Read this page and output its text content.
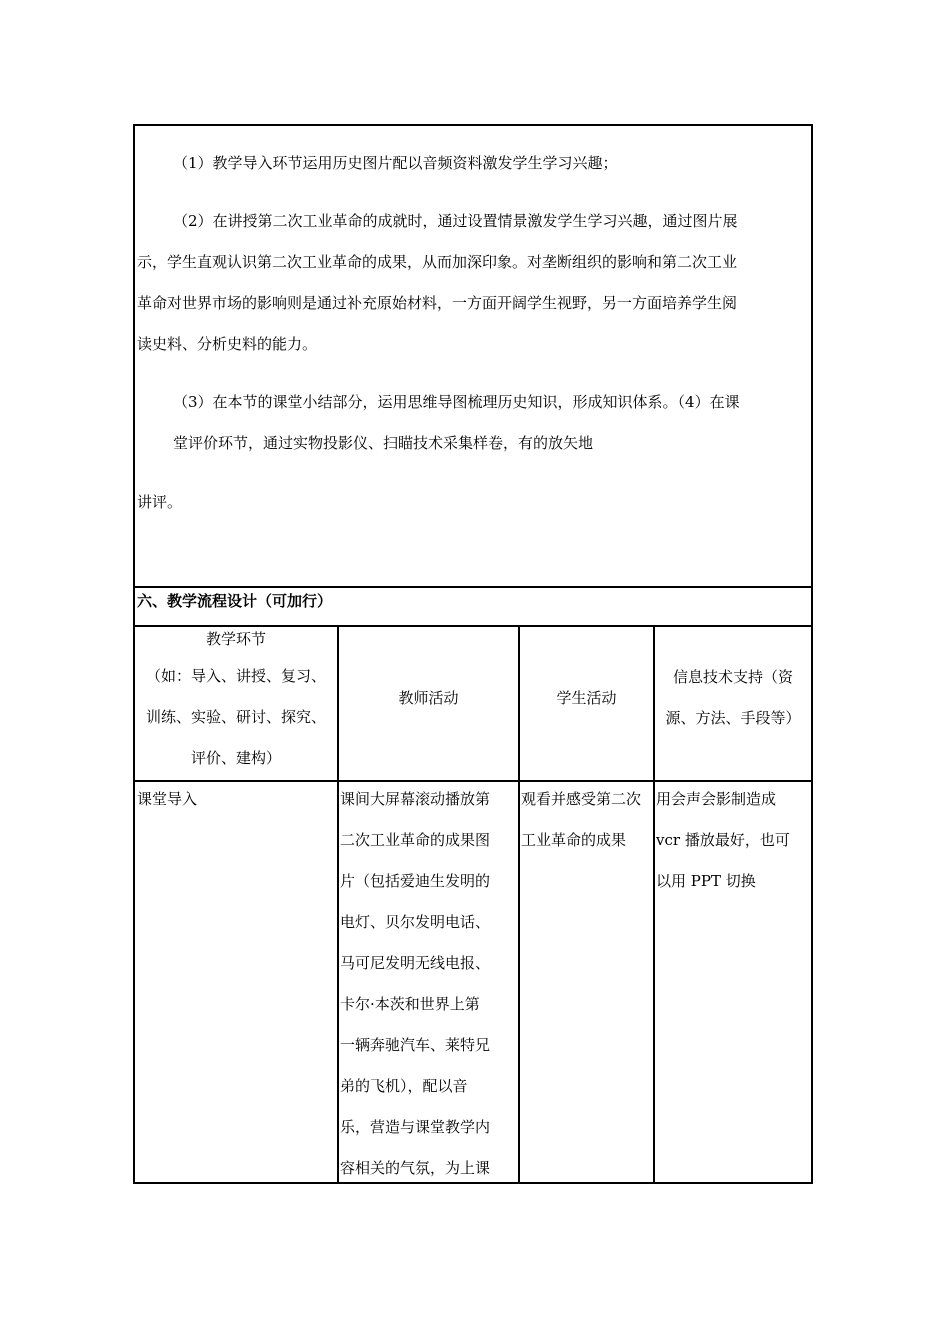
（1）教学导入环节运用历史图片配以音频资料激发学生学习兴趣；
（2）在讲授第二次工业革命的成就时，通过设置情景激发学生学习兴趣，通过图片展
示，学生直观认识第二次工业革命的成果，从而加深印象。对垄断组织的影响和第二次工业
革命对世界市场的影响则是通过补充原始材料，一方面开阔学生视野，另一方面培养学生阅
读史料、分析史料的能力。
（3）在本节的课堂小结部分，运用思维导图梳理历史知识，形成知识体系。（4）在课
堂评价环节，通过实物投影仪、扫瞄技术采集样卷，有的放矢地
讲评。
六、教学流程设计（可加行）
教学环节
（如：导入、讲授、复习、
训练、实验、研讨、探究、
评价、建构）
教师活动	学生活动
信息技术支持（资
源、方法、手段等）
课堂导入	课间大屏幕滚动播放第
二次工业革命的成果图
片（包括爱迪生发明的
电灯、贝尔发明电话、
马可尼发明无线电报、
卡尔·本茨和世界上第
一辆奔驰汽车、莱特兄
弟的飞机），配以音
乐，营造与课堂教学内
容相关的气氛，为上课
观看并感受第二次
工业革命的成果
用会声会影制造成
vcr 播放最好，也可
以用 PPT 切换
